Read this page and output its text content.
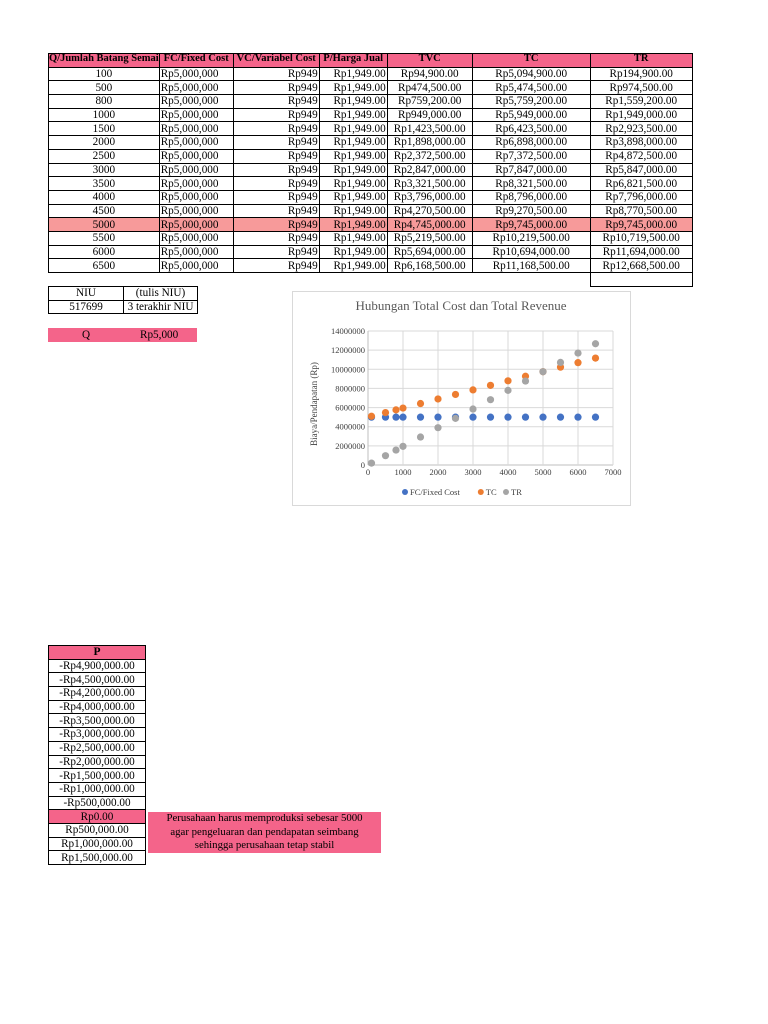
Q/Jumlah Batang Semai	FC/Fixed Cost	VC/Variabel Cost	P/Harga Jual	TVC	TC	TR
100	Rp5,000,000	Rp949	Rp1,949.00	Rp94,900.00	Rp5,094,900.00	Rp194,900.00
500	Rp5,000,000	Rp949	Rp1,949.00	Rp474,500.00	Rp5,474,500.00	Rp974,500.00
800	Rp5,000,000	Rp949	Rp1,949.00	Rp759,200.00	Rp5,759,200.00	Rp1,559,200.00
1000	Rp5,000,000	Rp949	Rp1,949.00	Rp949,000.00	Rp5,949,000.00	Rp1,949,000.00
1500	Rp5,000,000	Rp949	Rp1,949.00	Rp1,423,500.00	Rp6,423,500.00	Rp2,923,500.00
2000	Rp5,000,000	Rp949	Rp1,949.00	Rp1,898,000.00	Rp6,898,000.00	Rp3,898,000.00
2500	Rp5,000,000	Rp949	Rp1,949.00	Rp2,372,500.00	Rp7,372,500.00	Rp4,872,500.00
3000	Rp5,000,000	Rp949	Rp1,949.00	Rp2,847,000.00	Rp7,847,000.00	Rp5,847,000.00
3500	Rp5,000,000	Rp949	Rp1,949.00	Rp3,321,500.00	Rp8,321,500.00	Rp6,821,500.00
4000	Rp5,000,000	Rp949	Rp1,949.00	Rp3,796,000.00	Rp8,796,000.00	Rp7,796,000.00
4500	Rp5,000,000	Rp949	Rp1,949.00	Rp4,270,500.00	Rp9,270,500.00	Rp8,770,500.00
5000	Rp5,000,000	Rp949	Rp1,949.00	Rp4,745,000.00	Rp9,745,000.00	Rp9,745,000.00
5500	Rp5,000,000	Rp949	Rp1,949.00	Rp5,219,500.00	Rp10,219,500.00	Rp10,719,500.00
6000	Rp5,000,000	Rp949	Rp1,949.00	Rp5,694,000.00	Rp10,694,000.00	Rp11,694,000.00
6500	Rp5,000,000	Rp949	Rp1,949.00	Rp6,168,500.00	Rp11,168,500.00	Rp12,668,500.00

NIU	(tulis NIU)
517699	3 terakhir NIU
Q	Rp5,000
Hubungan Total Cost dan Total Revenue
Biaya/Pendapatan (Rp)
0
2000000
4000000
6000000
8000000
10000000
12000000
14000000
0	1000 2000 3000 4000 5000 6000 7000
FC/Fixed Cost	TC TR
P
-Rp4,900,000.00
-Rp4,500,000.00
-Rp4,200,000.00
-Rp4,000,000.00
-Rp3,500,000.00
-Rp3,000,000.00
-Rp2,500,000.00
-Rp2,000,000.00
-Rp1,500,000.00
-Rp1,000,000.00
-Rp500,000.00
Rp0.00
Rp500,000.00
Rp1,000,000.00
Rp1,500,000.00
Perusahaan harus memproduksi sebesar 5000
agar pengeluaran dan pendapatan seimbang
sehingga perusahaan tetap stabil
